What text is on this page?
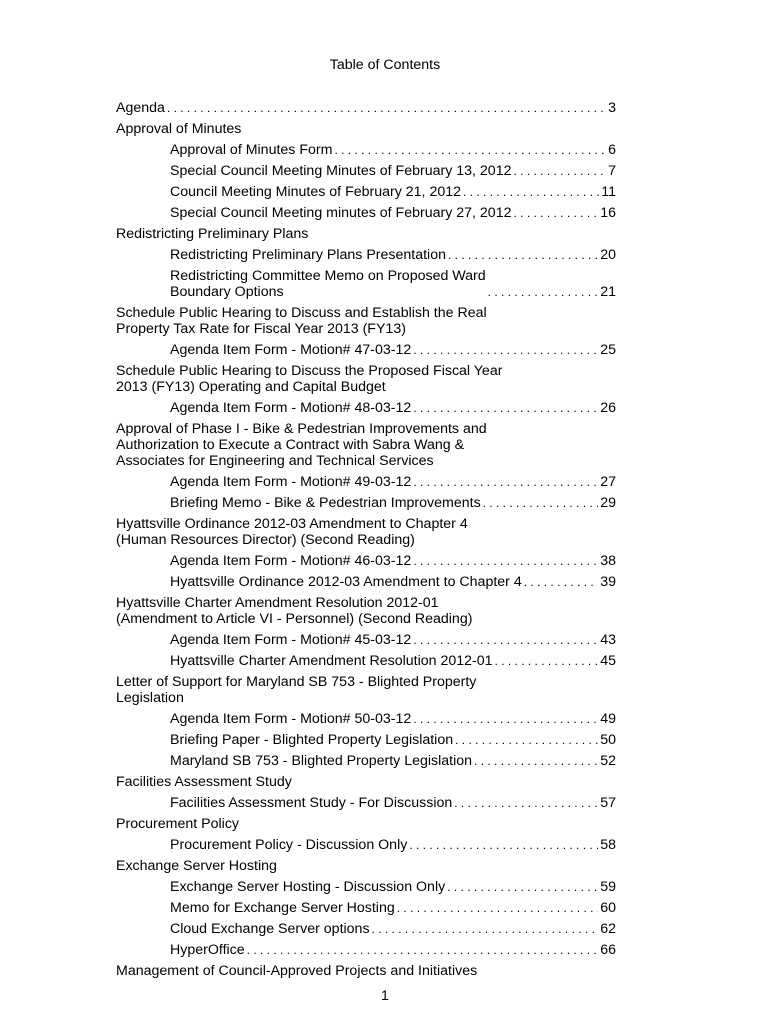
Table of Contents
Agenda . . .	3
Approval of Minutes
Approval of Minutes Form . . .	6
Special Council Meeting Minutes of February 13, 2012 . . .	7
Council Meeting Minutes of February 21, 2012 . . .	11
Special Council Meeting minutes of February 27, 2012 . . .	16
Redistricting Preliminary Plans
Redistricting Preliminary Plans Presentation . . .	20
Redistricting Committee Memo on Proposed Ward
Boundary Options . . .	21
Schedule Public Hearing to Discuss and Establish the Real
Property Tax Rate for Fiscal Year 2013 (FY13)
Agenda Item Form - Motion# 47-03-12 . . .	25
Schedule Public Hearing to Discuss the Proposed Fiscal Year
2013 (FY13) Operating and Capital Budget
Agenda Item Form - Motion# 48-03-12 . . .	26
Approval of Phase I - Bike & Pedestrian Improvements and
Authorization to Execute a Contract with Sabra Wang &
Associates for Engineering and Technical Services
Agenda Item Form - Motion# 49-03-12 . . .	27
Briefing Memo - Bike & Pedestrian Improvements . . .	29
Hyattsville Ordinance 2012-03 Amendment to Chapter 4
(Human Resources Director) (Second Reading)
Agenda Item Form - Motion# 46-03-12 . . .	38
Hyattsville Ordinance 2012-03 Amendment to Chapter 4 . . .	39
Hyattsville Charter Amendment Resolution 2012-01
(Amendment to Article VI - Personnel) (Second Reading)
Agenda Item Form - Motion# 45-03-12 . . .	43
Hyattsville Charter Amendment Resolution 2012-01 . . .	45
Letter of Support for Maryland SB 753 - Blighted Property
Legislation
Agenda Item Form - Motion# 50-03-12 . . .	49
Briefing Paper - Blighted Property Legislation . . .	50
Maryland SB 753 - Blighted Property Legislation . . .	52
Facilities Assessment Study
Facilities Assessment Study - For Discussion . . .	57
Procurement Policy
Procurement Policy - Discussion Only . . .	58
Exchange Server Hosting
Exchange Server Hosting - Discussion Only . . .	59
Memo for Exchange Server Hosting . . .	60
Cloud Exchange Server options . . .	62
HyperOffice . . .	66
Management of Council-Approved Projects and Initiatives
1
